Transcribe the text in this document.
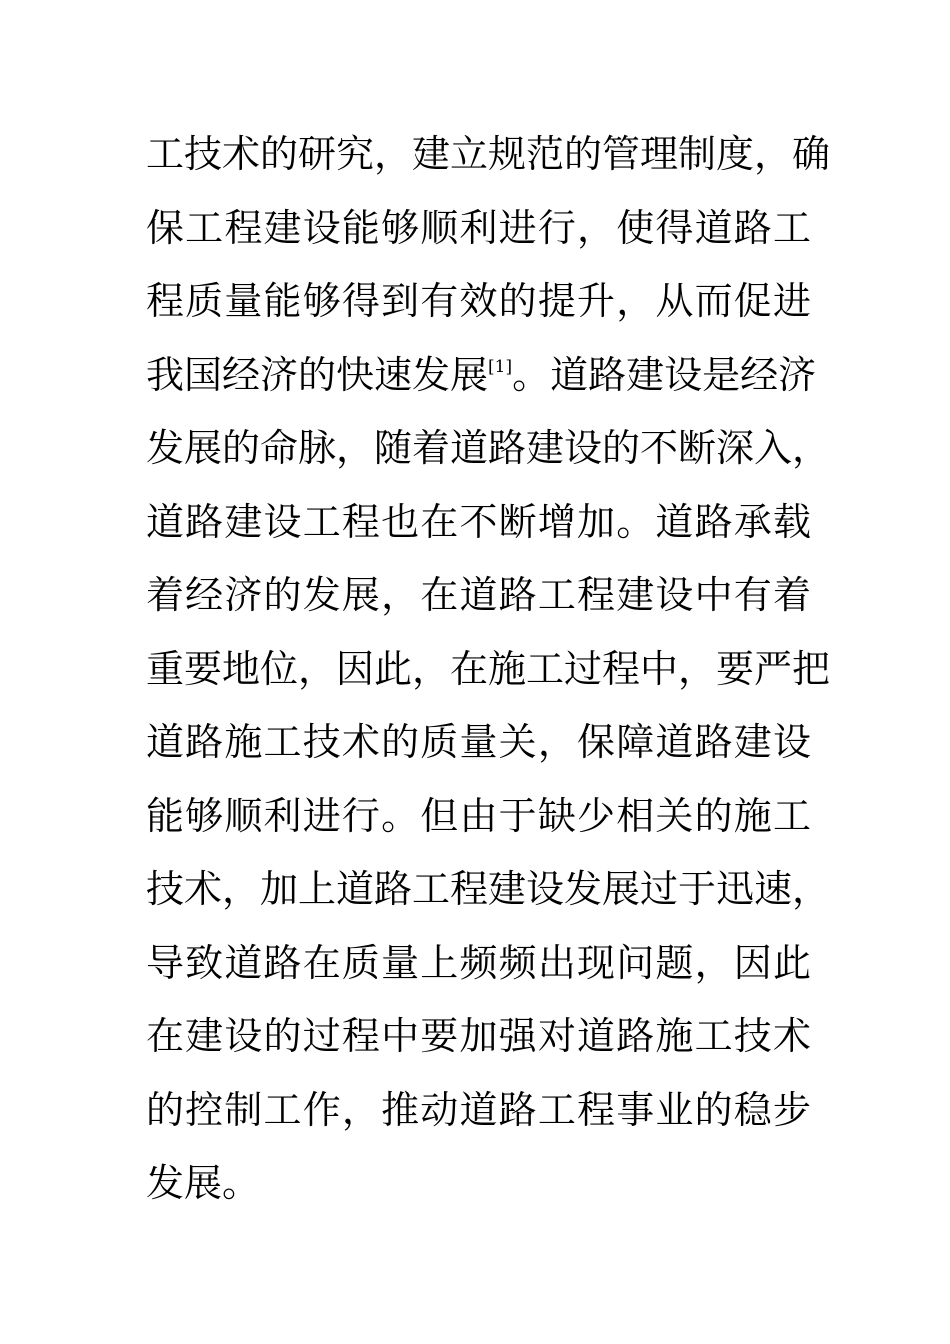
工技术的研究，建立规范的管理制度，确
保工程建设能够顺利进行，使得道路工
程质量能够得到有效的提升，从而促进
我国经济的快速发展[1]。道路建设是经济
发展的命脉，随着道路建设的不断深入，
道路建设工程也在不断增加。道路承载
着经济的发展，在道路工程建设中有着
重要地位，因此，在施工过程中，要严把
道路施工技术的质量关，保障道路建设
能够顺利进行。但由于缺少相关的施工
技术，加上道路工程建设发展过于迅速，
导致道路在质量上频频出现问题，因此
在建设的过程中要加强对道路施工技术
的控制工作，推动道路工程事业的稳步
发展。
